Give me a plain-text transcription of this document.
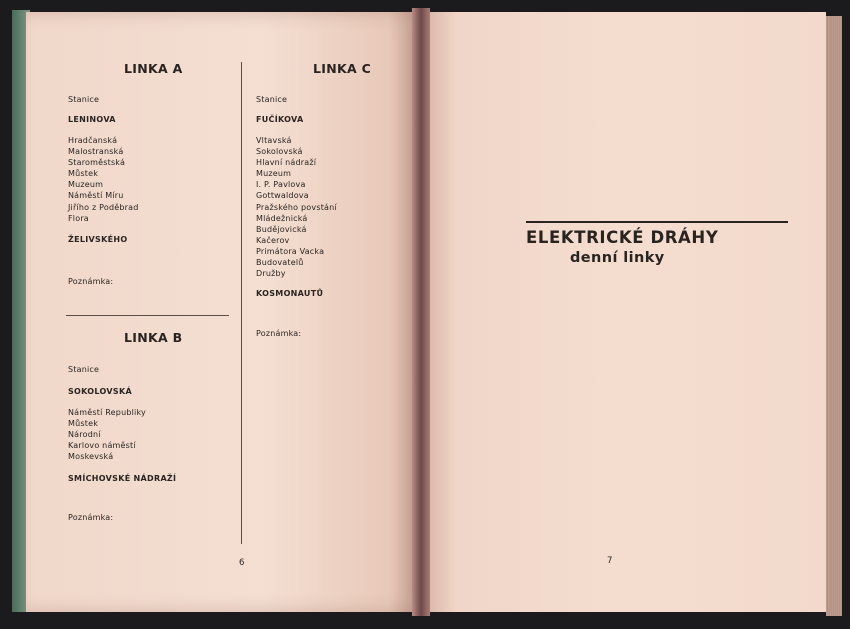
LINKA A
Stanice
LENINOVA
Hradčanská
Malostranská
Staroměstská
Můstek
Muzeum
Náměstí Míru
Jiřího z Poděbrad
Flora
ŽELIVSKÉHO
Poznámka:
LINKA B
Stanice
SOKOLOVSKÁ
Náměstí Republiky
Můstek
Národní
Karlovo náměstí
Moskevská
SMÍCHOVSKÉ NÁDRAŽÍ
Poznámka:
LINKA C
Stanice
FUČÍKOVA
Vltavská
Sokolovská
Hlavní nádraží
Muzeum
I. P. Pavlova
Gottwaldova
Pražského povstání
Mládežnická
Budějovická
Kačerov
Primátora Vacka
Budovatelů
Družby
KOSMONAUTŮ
Poznámka:
6
ELEKTRICKÉ DRÁHY
denní linky
7
